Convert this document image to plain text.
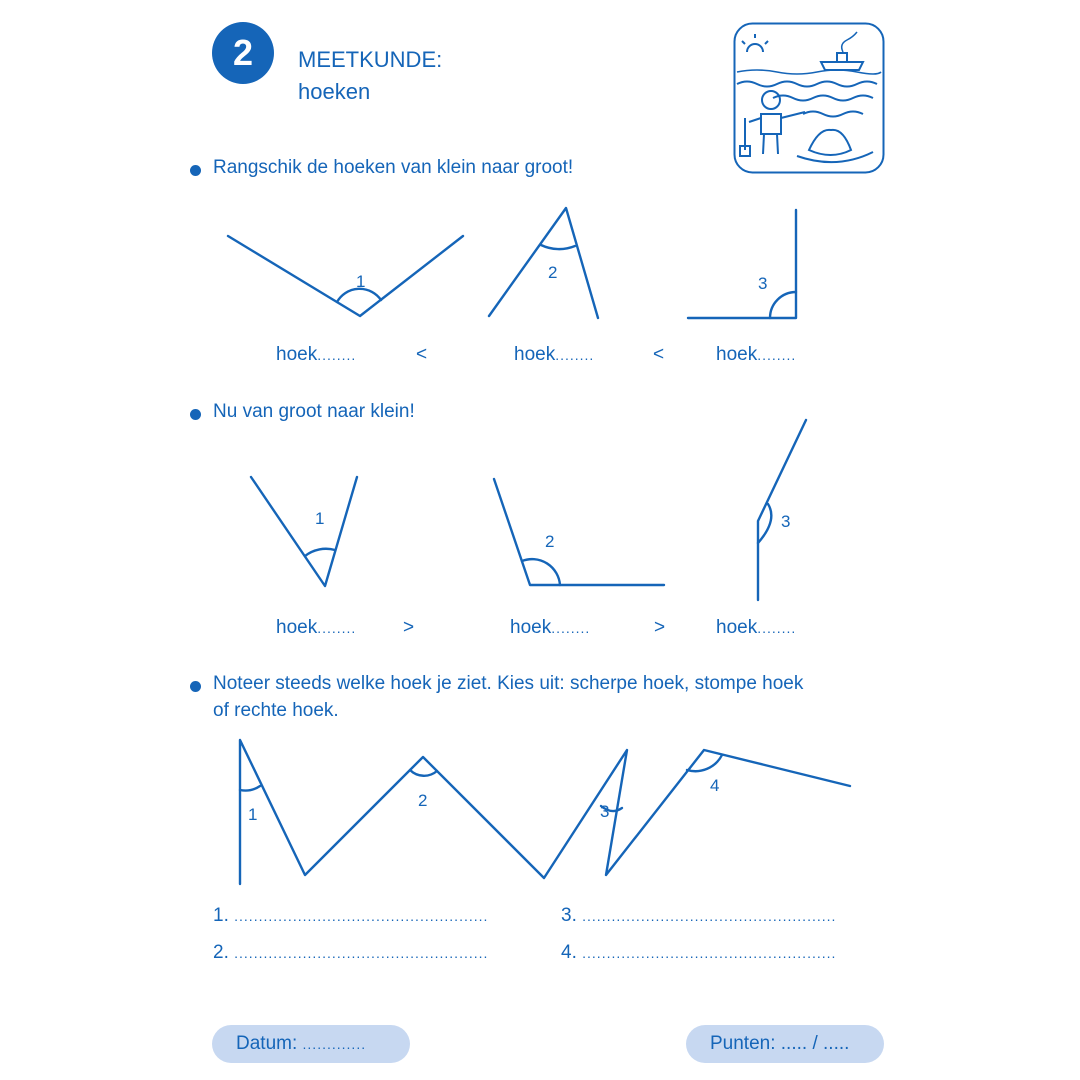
2 MEETKUNDE:
hoeken
Rangschik de hoeken van klein naar groot!
1	2
3
1
2
3
1
2
3
4
hoek........	<	hoek........	<	hoek........
Nu van groot naar klein!
hoek........ >	hoek........	>	hoek........
Noteer steeds welke hoek je ziet. Kies uit: scherpe hoek, stompe hoek
of rechte hoek.
1. ....................................................
2. ....................................................
3. ....................................................
4. ....................................................
Datum:
.............	Punten:
..... / .....
